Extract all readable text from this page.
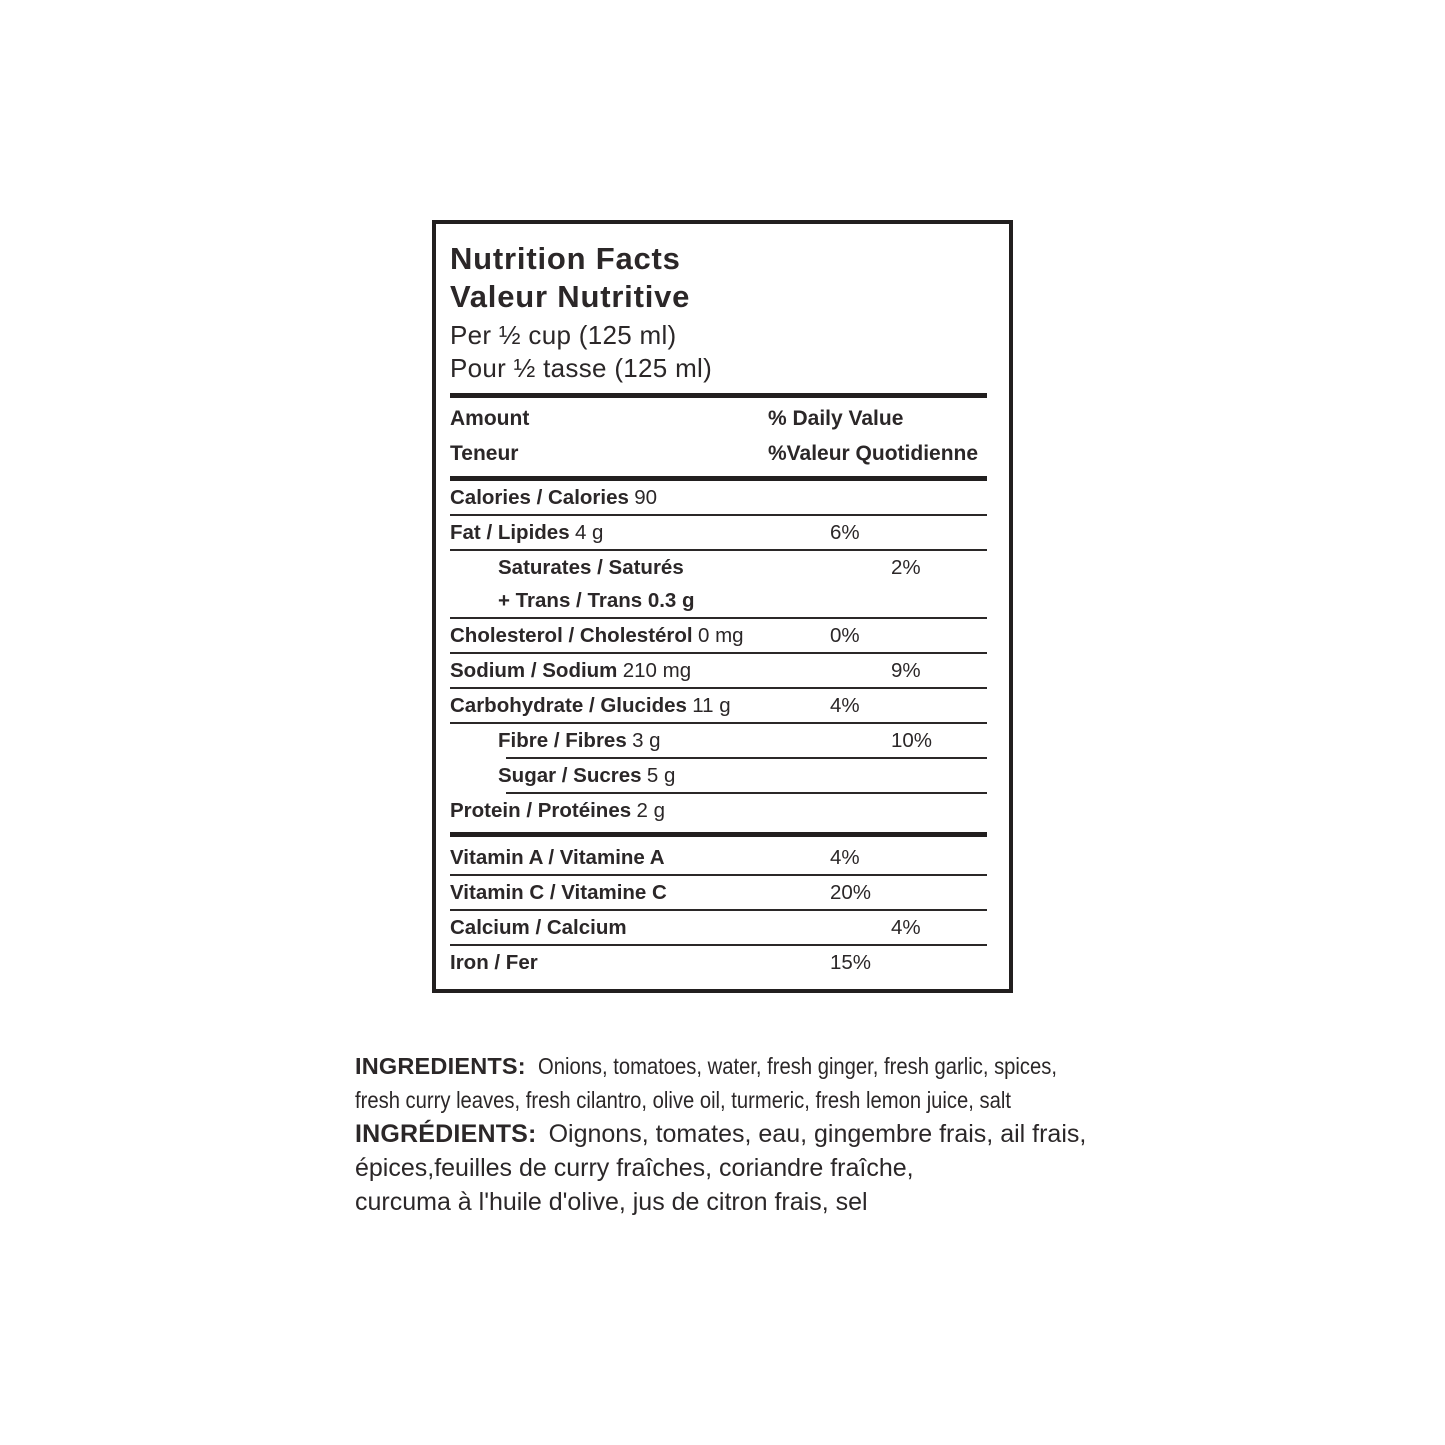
Nutrition Facts
Valeur Nutritive
Per ½ cup (125 ml)
Pour ½ tasse (125 ml)
Amount	% Daily Value
Teneur	%Valeur Quotidienne
Calories / Calories 90
Fat / Lipides 4 g	6%
Saturates / Saturés	2%
+ Trans / Trans 0.3 g
Cholesterol / Cholestérol 0 mg	0%
Sodium / Sodium 210 mg	9%
Carbohydrate / Glucides 11 g	4%
Fibre / Fibres 3 g	10%
Sugar / Sucres 5 g
Protein / Protéines 2 g
Vitamin A / Vitamine A	4%
Vitamin C / Vitamine C	20%
Calcium / Calcium	4%
Iron / Fer	15%
INGREDIENTS: Onions, tomatoes, water, fresh ginger, fresh garlic, spices,
fresh curry leaves, fresh cilantro, olive oil, turmeric, fresh lemon juice, salt
INGRÉDIENTS: Oignons, tomates, eau, gingembre frais, ail frais,
épices,feuilles de curry fraîches, coriandre fraîche,
curcuma à l'huile d'olive, jus de citron frais, sel
